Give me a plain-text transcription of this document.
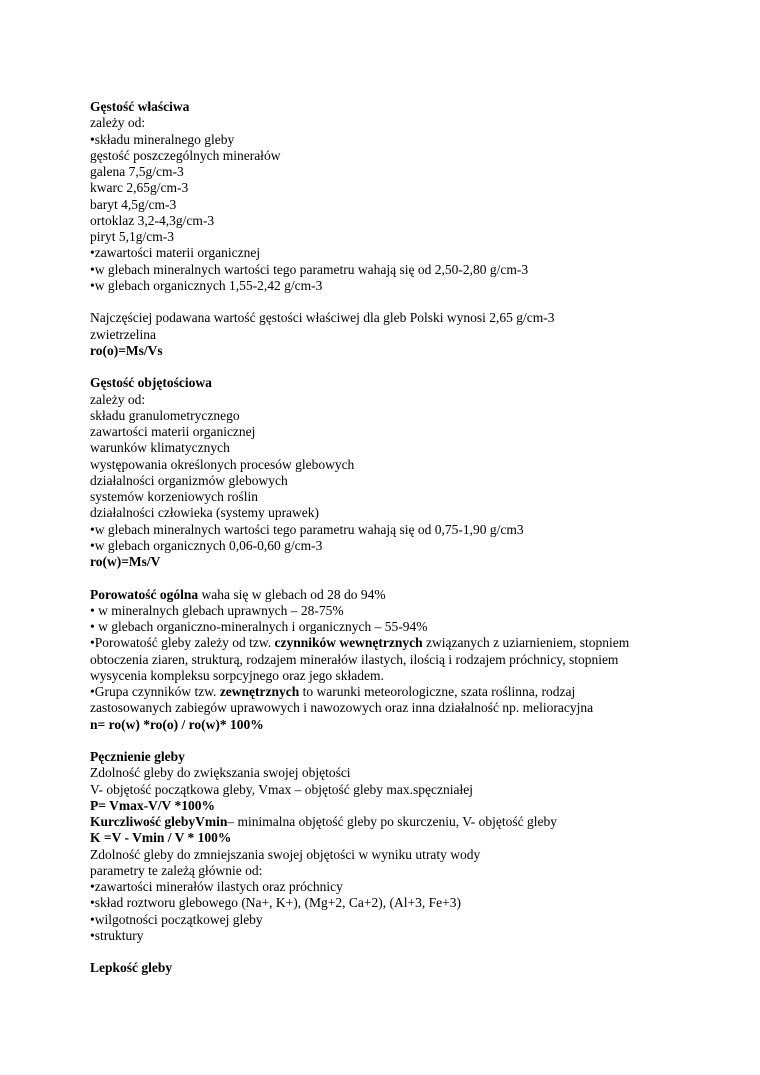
Gęstość właściwa
zależy od:
•składu mineralnego gleby
gęstość poszczególnych minerałów
galena 7,5g/cm-3
kwarc 2,65g/cm-3
baryt 4,5g/cm-3
ortoklaz 3,2-4,3g/cm-3
piryt 5,1g/cm-3
•zawartości materii organicznej
•w glebach mineralnych wartości tego parametru wahają się od 2,50-2,80 g/cm-3
•w glebach organicznych 1,55-2,42 g/cm-3

Najczęściej podawana wartość gęstości właściwej dla gleb Polski wynosi 2,65 g/cm-3
zwietrzelina
ro(o)=Ms/Vs

Gęstość objętościowa
zależy od:
składu granulometrycznego
zawartości materii organicznej
warunków klimatycznych
występowania określonych procesów glebowych
działalności organizmów glebowych
systemów korzeniowych roślin
działalności człowieka (systemy uprawek)
•w glebach mineralnych wartości tego parametru wahają się od 0,75-1,90 g/cm3
•w glebach organicznych 0,06-0,60 g/cm-3
ro(w)=Ms/V

Porowatość ogólna waha się w glebach od 28 do 94%
• w mineralnych glebach uprawnych – 28-75%
• w glebach organiczno-mineralnych i organicznych – 55-94%
•Porowatość gleby zależy od tzw. czynników wewnętrznych związanych z uziarnieniem, stopniem
obtoczenia ziaren, strukturą, rodzajem minerałów ilastych, ilością i rodzajem próchnicy, stopniem
wysycenia kompleksu sorpcyjnego oraz jego składem.
•Grupa czynników tzw. zewnętrznych to warunki meteorologiczne, szata roślinna, rodzaj
zastosowanych zabiegów uprawowych i nawozowych oraz inna działalność np. melioracyjna
n= ro(w) *ro(o) / ro(w)* 100%

Pęcznienie gleby
Zdolność gleby do zwiększania swojej objętości
V- objętość początkowa gleby, Vmax – objętość gleby max.spęczniałej
P= Vmax-V/V *100%
Kurczliwość glebyVmin– minimalna objętość gleby po skurczeniu, V- objętość gleby
K =V - Vmin / V * 100%
Zdolność gleby do zmniejszania swojej objętości w wyniku utraty wody
parametry te zależą głównie od:
•zawartości minerałów ilastych oraz próchnicy
•skład roztworu glebowego (Na+, K+), (Mg+2, Ca+2), (Al+3, Fe+3)
•wilgotności początkowej gleby
•struktury

Lepkość gleby
